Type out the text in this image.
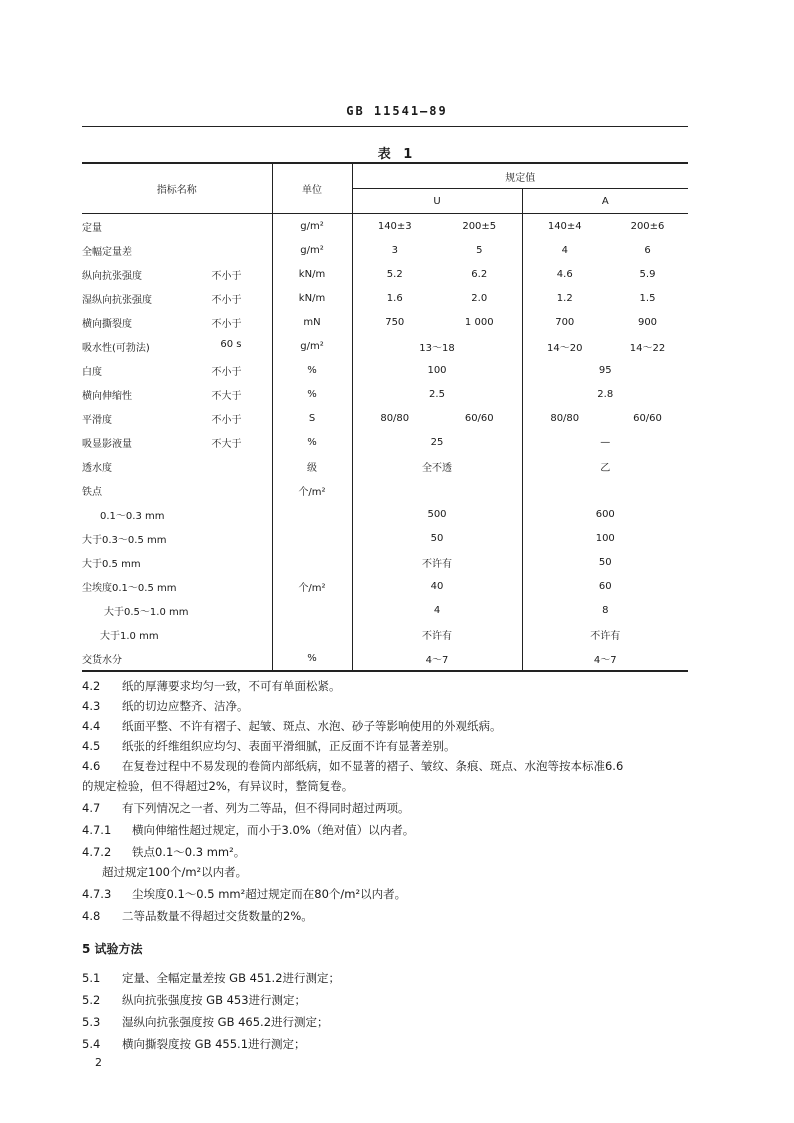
GB 11541—89
表 1
指标名称	单位	规定值			
		U		A	
定量	g/m²	140±3	200±5	140±4	200±6
全幅定量差	g/m²	3	5	4	6
纵向抗张强度 不小于	kN/m	5.2	6.2	4.6	5.9
湿纵向抗张强度 不小于	kN/m	1.6	2.0	1.2	1.5
横向撕裂度 不小于	mN	750	1 000	700	900
吸水性(可勃法) 60 s	g/m²	13～18		14～20	14～22
白度 不小于	%	100		95	
横向伸缩性 不大于	%	2.5		2.8	
平滑度 不小于	S	80/80	60/60	80/80	60/60
吸显影液量 不大于	%	25		—	
透水度	级	全不透		乙	
铁点	个/m²				
0.1～0.3 mm		500		600	
大于0.3～0.5 mm		50		100	
大于0.5 mm		不许有		50	
尘埃度0.1～0.5 mm	个/m²	40		60	
大于0.5～1.0 mm		4		8	
大于1.0 mm		不许有		不许有	
交货水分	%	4～7		4～7	
4.2 纸的厚薄要求均匀一致，不可有单面松紧。
4.3 纸的切边应整齐、洁净。
4.4 纸面平整、不许有褶子、起皱、斑点、水泡、砂子等影响使用的外观纸病。
4.5 纸张的纤维组织应均匀、表面平滑细腻，正反面不许有显著差别。
4.6 在复卷过程中不易发现的卷筒内部纸病，如不显著的褶子、皱纹、条痕、斑点、水泡等按本标准6.6
的规定检验，但不得超过2%，有异议时，整筒复卷。
4.7 有下列情况之一者、列为二等品，但不得同时超过两项。
4.7.1 横向伸缩性超过规定，而小于3.0%（绝对值）以内者。
4.7.2 铁点0.1～0.3 mm²。
超过规定100个/m²以内者。
4.7.3 尘埃度0.1～0.5 mm²超过规定而在80个/m²以内者。
4.8 二等品数量不得超过交货数量的2%。
5 试验方法
5.1 定量、全幅定量差按 GB 451.2进行测定；
5.2 纵向抗张强度按 GB 453进行测定；
5.3 湿纵向抗张强度按 GB 465.2进行测定；
5.4 横向撕裂度按 GB 455.1进行测定；
2
